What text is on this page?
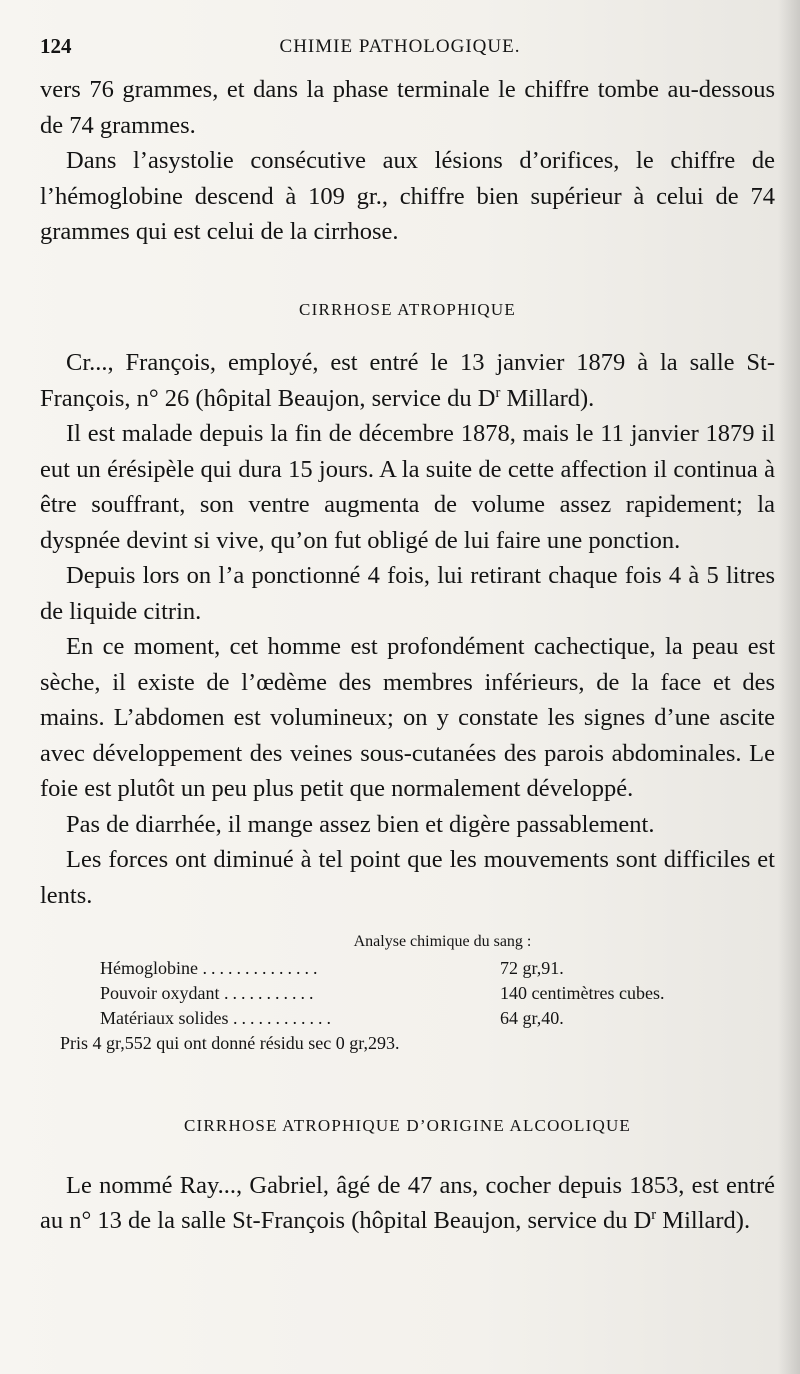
124	CHIMIE PATHOLOGIQUE.

vers 76 grammes, et dans la phase terminale le chiffre tombe au-dessous de 74 grammes.

Dans l’asystolie consécutive aux lésions d’orifices, le chiffre de l’hémoglobine descend à 109 gr., chiffre bien supérieur à celui de 74 grammes qui est celui de la cirrhose.

CIRRHOSE ATROPHIQUE

Cr..., François, employé, est entré le 13 janvier 1879 à la salle St-François, n° 26 (hôpital Beaujon, service du $D^r$ Millard).

Il est malade depuis la fin de décembre 1878, mais le 11 janvier 1879 il eut un érésipèle qui dura 15 jours. A la suite de cette affection il continua à être souffrant, son ventre augmenta de volume assez rapidement; la dyspnée devint si vive, qu’on fut obligé de lui faire une ponction.

Depuis lors on l’a ponctionné 4 fois, lui retirant chaque fois 4 à 5 litres de liquide citrin.

En ce moment, cet homme est profondément cachectique, la peau est sèche, il existe de l’œdème des membres inférieurs, de la face et des mains. L’abdomen est volumineux; on y constate les signes d’une ascite avec développement des veines sous-cutanées des parois abdominales. Le foie est plutôt un peu plus petit que normalement développé.

Pas de diarrhée, il mange assez bien et digère passablement.

Les forces ont diminué à tel point que les mouvements sont difficiles et lents.

Analyse chimique du sang :
Hémoglobine ..............	72 gr,91.
Pouvoir oxydant ...........	140 centimètres cubes.
Matériaux solides ............	64 gr,40.
Pris 4 gr,552 qui ont donné résidu sec 0 gr,293.

CIRRHOSE ATROPHIQUE D’ORIGINE ALCOOLIQUE

Le nommé Ray..., Gabriel, âgé de 47 ans, cocher depuis 1853, est entré au n° 13 de la salle St-François (hôpital Beaujon, service du $D^r$ Millard).
